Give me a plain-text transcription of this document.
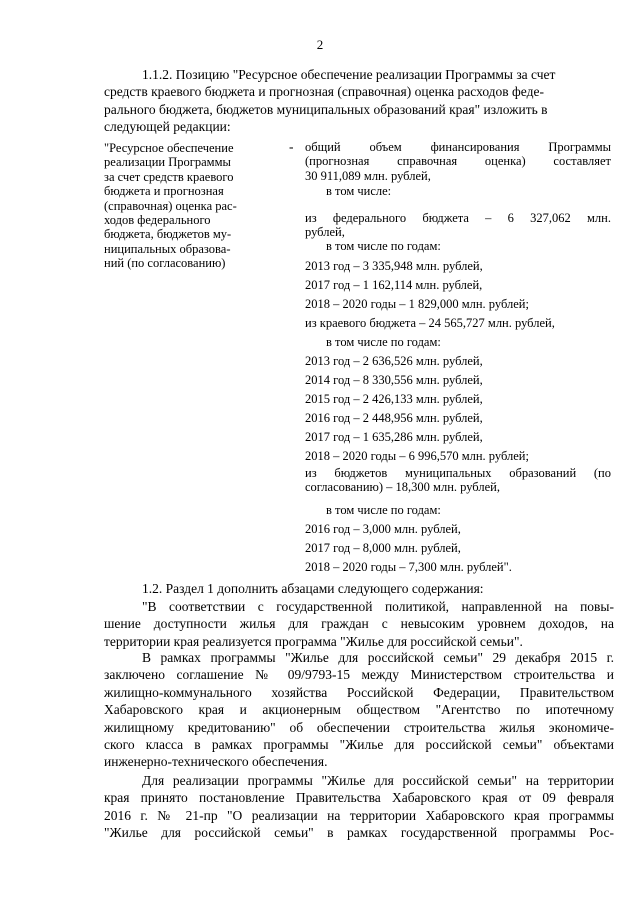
2
1.1.2. Позицию "Ресурсное обеспечение реализации Программы за счет
средств краевого бюджета и прогнозная (справочная) оценка расходов феде-
рального бюджета, бюджетов муниципальных образований края" изложить в
следующей редакции:
"Ресурсное обеспечение
реализации Программы
за счет средств краевого
бюджета и прогнозная
(справочная) оценка рас-
ходов федерального
бюджета, бюджетов му-
ниципальных образова-
ний (по согласованию)
- общий объем финансирования Программы
(прогнозная справочная оценка) составляет
30 911,089 млн. рублей,
в том числе:
из федерального бюджета – 6 327,062 млн.
рублей,
в том числе по годам:
2013 год – 3 335,948 млн. рублей,
2017 год – 1 162,114 млн. рублей,
2018 – 2020 годы – 1 829,000 млн. рублей;
из краевого бюджета – 24 565,727 млн. рублей,
в том числе по годам:
2013 год – 2 636,526 млн. рублей,
2014 год – 8 330,556 млн. рублей,
2015 год – 2 426,133 млн. рублей,
2016 год – 2 448,956 млн. рублей,
2017 год – 1 635,286 млн. рублей,
2018 – 2020 годы – 6 996,570 млн. рублей;
из бюджетов муниципальных образований (по
согласованию) – 18,300 млн. рублей,
в том числе по годам:
2016 год – 3,000 млн. рублей,
2017 год – 8,000 млн. рублей,
2018 – 2020 годы – 7,300 млн. рублей".
1.2. Раздел 1 дополнить абзацами следующего содержания:
"В соответствии с государственной политикой, направленной на повы-
шение доступности жилья для граждан с невысоким уровнем доходов, на
территории края реализуется программа "Жилье для российской семьи".
В рамках программы "Жилье для российской семьи" 29 декабря 2015 г.
заключено соглашение № 09/9793-15 между Министерством строительства и
жилищно-коммунального хозяйства Российской Федерации, Правительством
Хабаровского края и акционерным обществом "Агентство по ипотечному
жилищному кредитованию" об обеспечении строительства жилья экономиче-
ского класса в рамках программы "Жилье для российской семьи" объектами
инженерно-технического обеспечения.
Для реализации программы "Жилье для российской семьи" на территории
края принято постановление Правительства Хабаровского края от 09 февраля
2016 г. № 21-пр "О реализации на территории Хабаровского края программы
"Жилье для российской семьи" в рамках государственной программы Рос-
